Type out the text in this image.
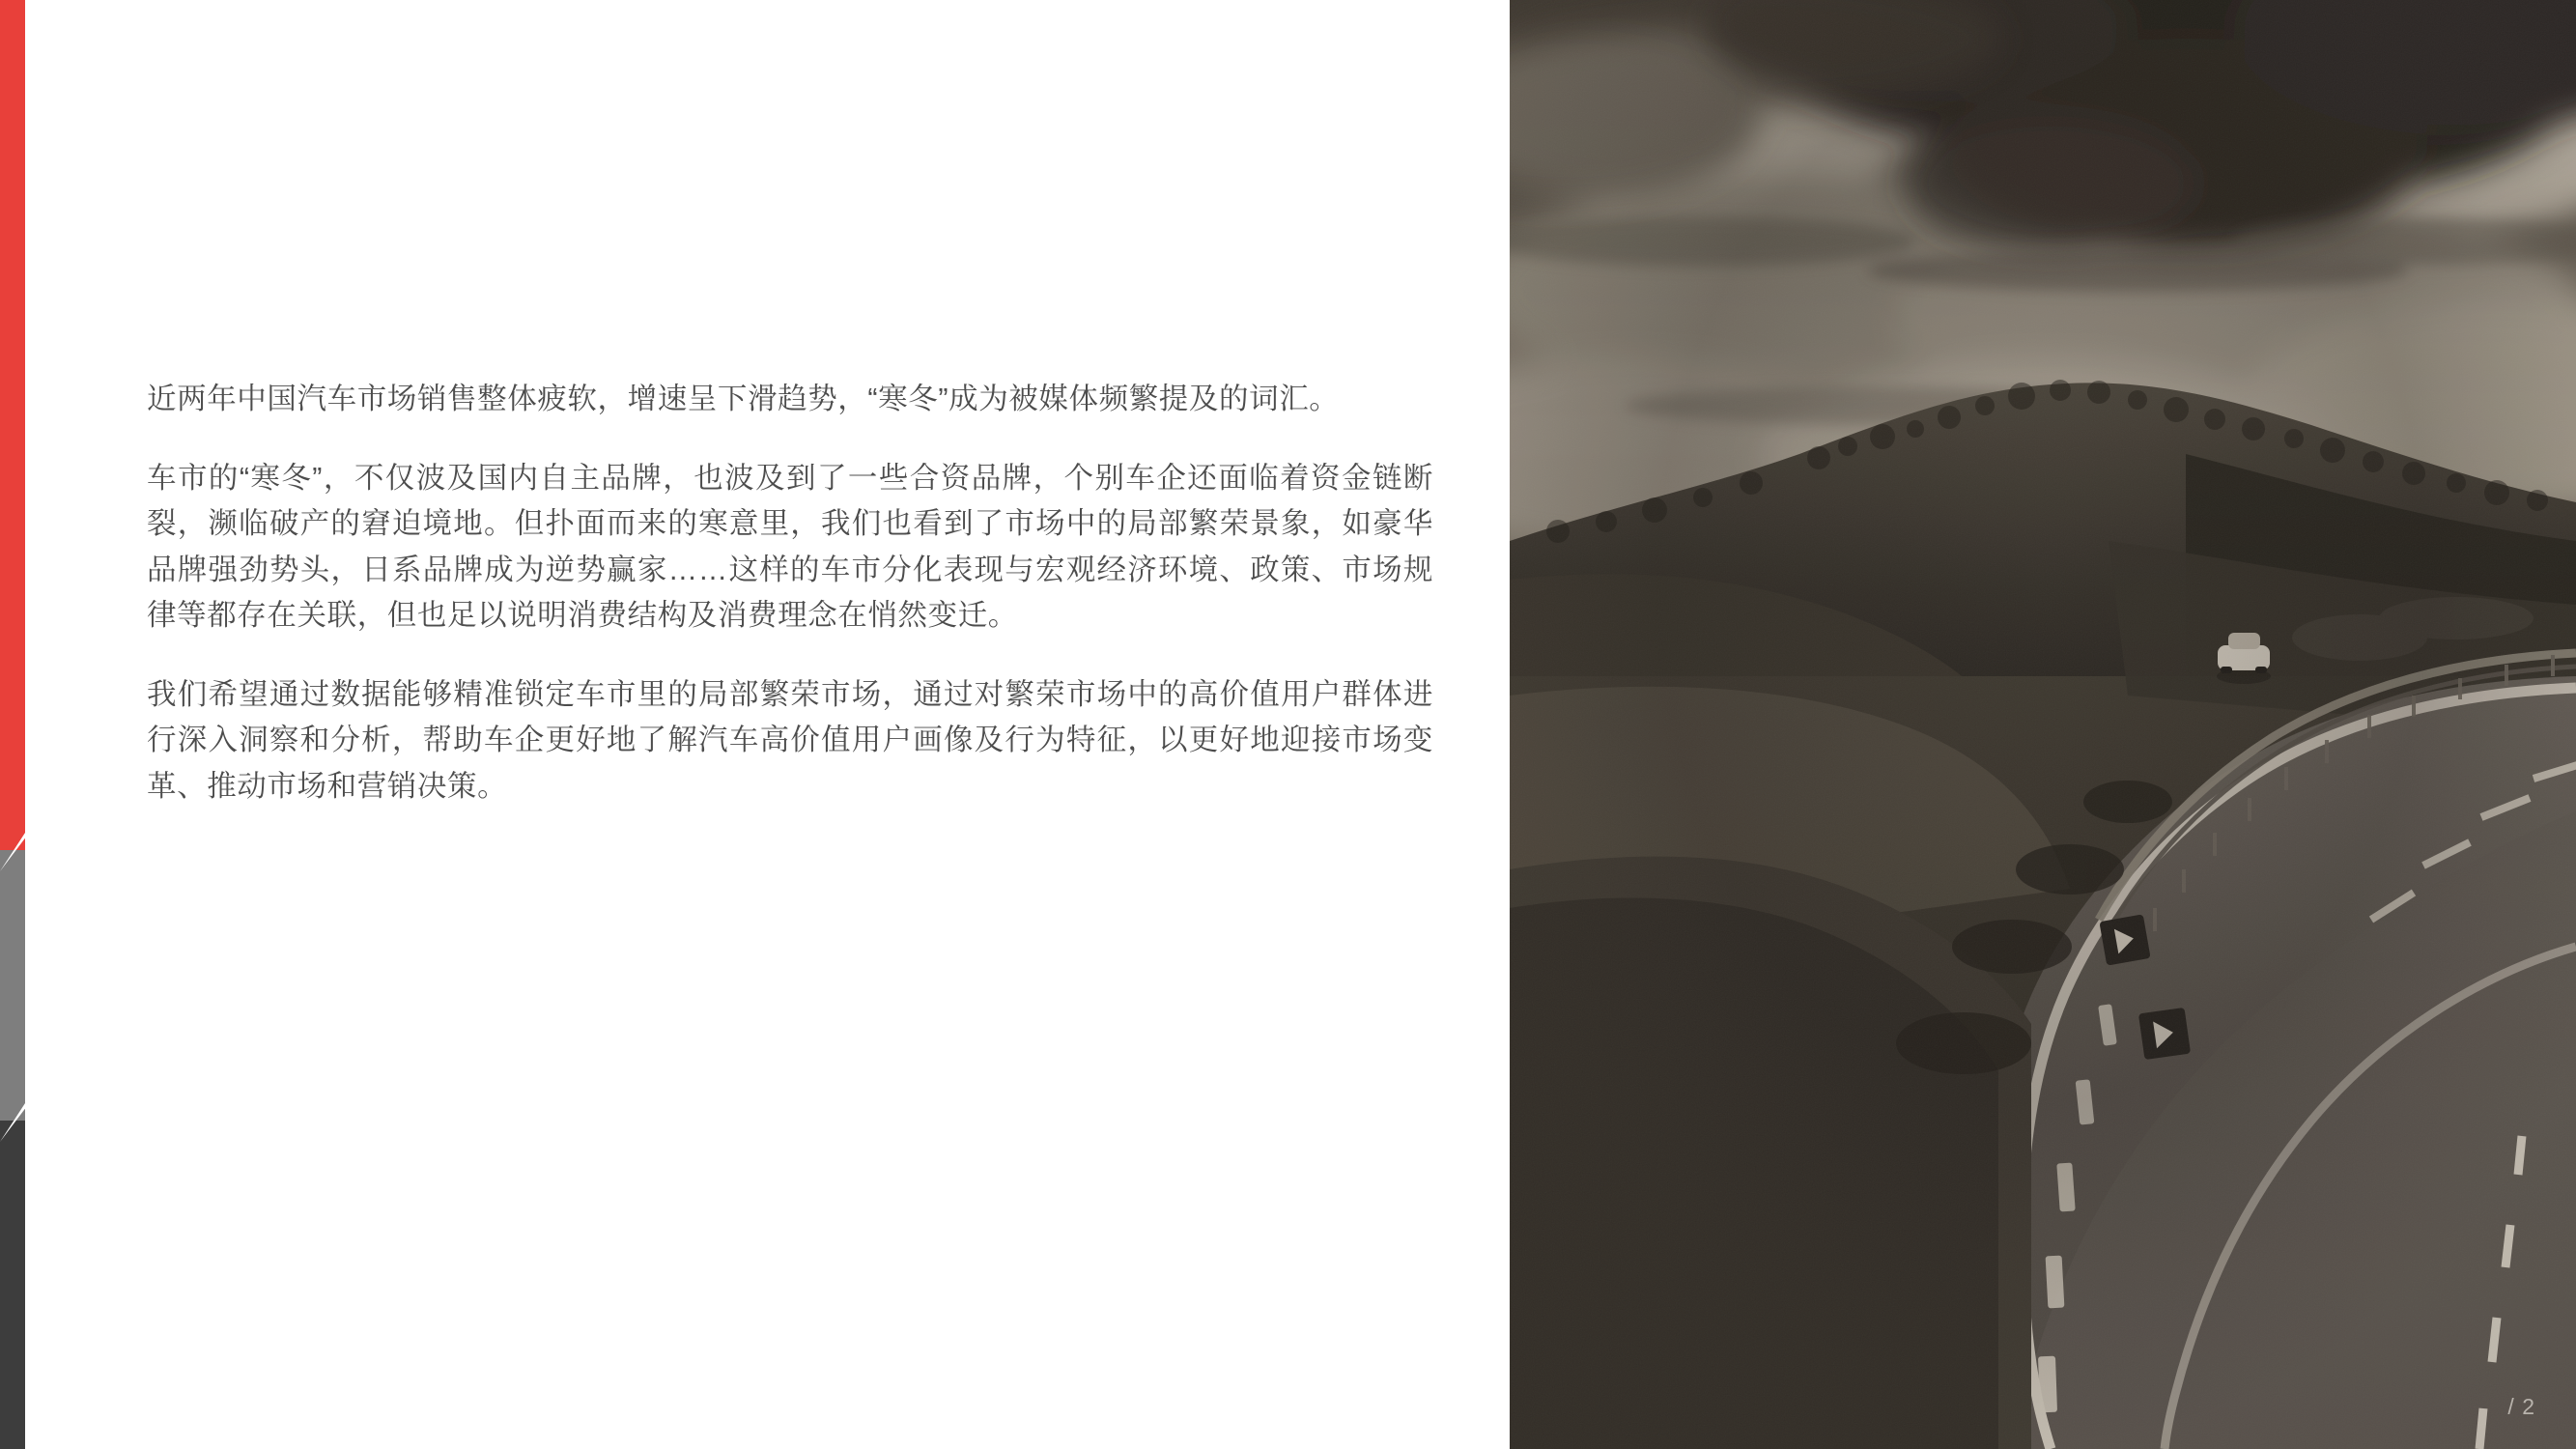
近两年中国汽车市场销售整体疲软，增速呈下滑趋势，“寒冬”成为被媒体频繁提及的词汇。

车市的“寒冬”，不仅波及国内自主品牌，也波及到了一些合资品牌，个别车企还面临着资金链断裂，濒临破产的窘迫境地。但扑面而来的寒意里，我们也看到了市场中的局部繁荣景象，如豪华品牌强劲势头，日系品牌成为逆势赢家……这样的车市分化表现与宏观经济环境、政策、市场规律等都存在关联，但也足以说明消费结构及消费理念在悄然变迁。

我们希望通过数据能够精准锁定车市里的局部繁荣市场，通过对繁荣市场中的高价值用户群体进行深入洞察和分析，帮助车企更好地了解汽车高价值用户画像及行为特征，以更好地迎接市场变革、推动市场和营销决策。

/ 2
